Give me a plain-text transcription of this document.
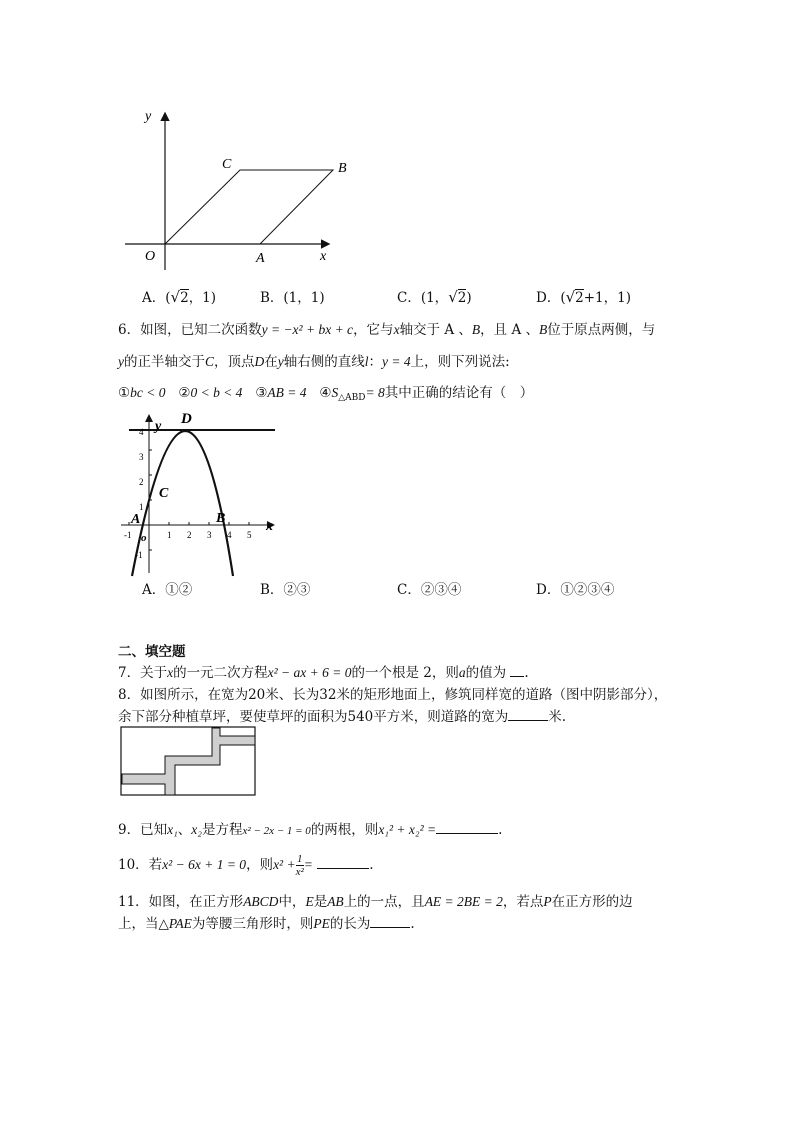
y
x
O	A
B
C
A．(√2，1)	B．(1，1)	C．(1，√2)	D．(√2+1，1)
6．如图，已知二次函数y = −x² + bx + c，它与x轴交于 A 、B，且 A 、B位于原点两侧，与
y的正半轴交于C，顶点D在y轴右侧的直线l：y = 4上，则下列说法:
①bc < 0 ②0 < b < 4 ③AB = 4 $④S_{\triangle ABD}= 8$其中正确的结论有（　）
4
3
2
1
-1
-1	1 2 3 4 5
D
y
C
A	B
x
o
A．①②	B．②③	C．②③④	D．①②③④
二、填空题
7．关于x的一元二次方程x² − ax + 6 = 0的一个根是 2，则a的值为 .
8．如图所示，在宽为20米、长为32米的矩形地面上，修筑同样宽的道路（图中阴影部分），
余下部分种植草坪，要使草坪的面积为540平方米，则道路的宽为	米.
9．已知x₁、x₂是方程x² − 2x − 1 = 0的两根，则x₁² + x₂² =	.
10．若x² − 6x + 1 = 0，则$x^2 + \frac{1}{\text{x²}}$ =	.
11．如图，在正方形ABCD中，E是AB上的一点，且AE = 2BE = 2，若点P在正方形的边
上，当△PAE为等腰三角形时，则PE的长为	.
